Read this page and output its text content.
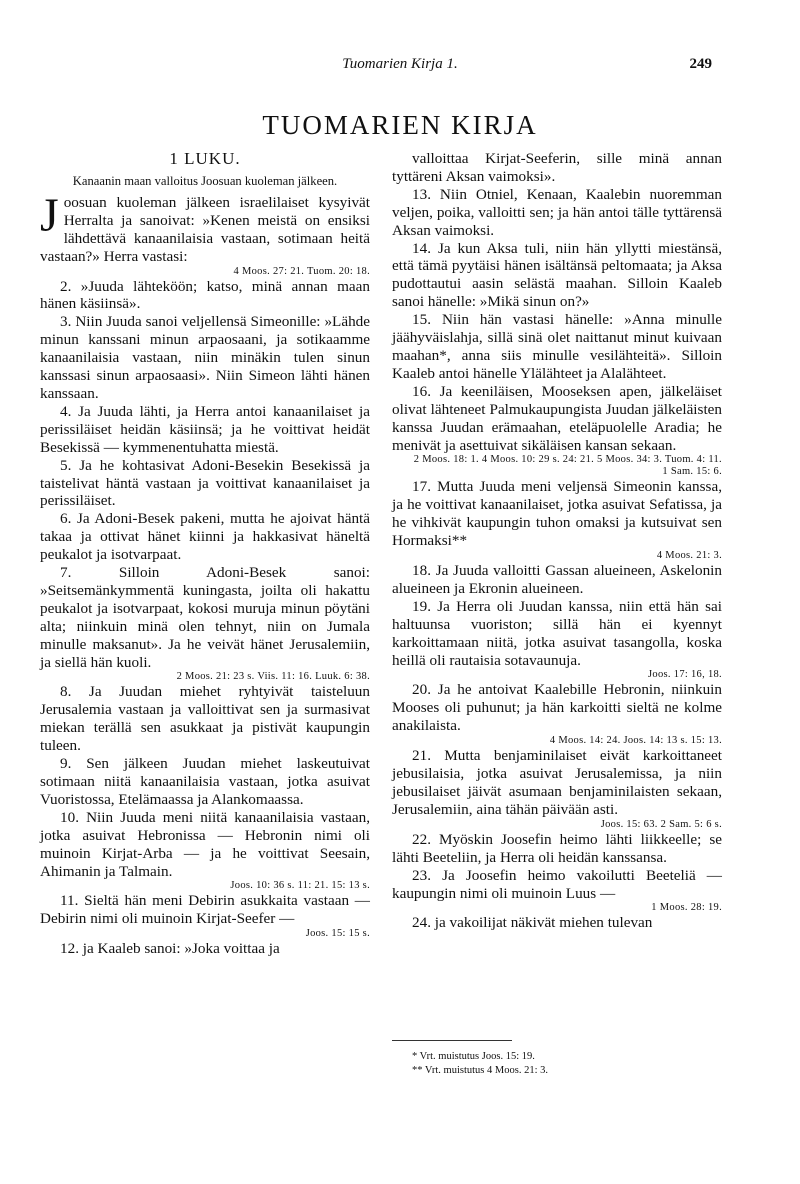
Tuomarien Kirja 1.	249
TUOMARIEN KIRJA
1 LUKU.
Kanaanin maan valloitus Joosuan kuoleman jälkeen.

Joosuan kuoleman jälkeen israelilaiset kysyivät Herralta ja sanoivat: »Kenen meistä on ensiksi lähdettävä kanaanilaisia vastaan, sotimaan heitä vastaan?» Herra vastasi:
4 Moos. 27: 21. Tuom. 20: 18.

2. »Juuda lähteköön; katso, minä annan maan hänen käsiinsä».

3. Niin Juuda sanoi veljellensä Simeonille: »Lähde minun kanssani minun arpaosaani, ja sotikaamme kanaanilaisia vastaan, niin minäkin tulen sinun kanssasi sinun arpaosaasi». Niin Simeon lähti hänen kanssaan.

4. Ja Juuda lähti, ja Herra antoi kanaanilaiset ja perissiläiset heidän käsiinsä; ja he voittivat heidät Besekissä — kymmenentuhatta miestä.

5. Ja he kohtasivat Adoni-Besekin Besekissä ja taistelivat häntä vastaan ja voittivat kanaanilaiset ja perissiläiset.

6. Ja Adoni-Besek pakeni, mutta he ajoivat häntä takaa ja ottivat hänet kiinni ja hakkasivat häneltä peukalot ja isotvarpaat.

7. Silloin Adoni-Besek sanoi: »Seitsemänkymmentä kuningasta, joilta oli hakattu peukalot ja isotvarpaat, kokosi muruja minun pöytäni alta; niinkuin minä olen tehnyt, niin on Jumala minulle maksanut». Ja he veivät hänet Jerusalemiin, ja siellä hän kuoli.
2 Moos. 21: 23 s. Viis. 11: 16. Luuk. 6: 38.

8. Ja Juudan miehet ryhtyivät taisteluun Jerusalemia vastaan ja valloittivat sen ja surmasivat miekan terällä sen asukkaat ja pistivät kaupungin tuleen.

9. Sen jälkeen Juudan miehet laskeutuivat sotimaan niitä kanaanilaisia vastaan, jotka asuivat Vuoristossa, Etelämaassa ja Alankomaassa.

10. Niin Juuda meni niitä kanaanilaisia vastaan, jotka asuivat Hebronissa — Hebronin nimi oli muinoin Kirjat-Arba — ja he voittivat Seesain, Ahimanin ja Talmain.
Joos. 10: 36 s. 11: 21. 15: 13 s.

11. Sieltä hän meni Debirin asukkaita vastaan — Debirin nimi oli muinoin Kirjat-Seefer —
Joos. 15: 15 s.

12. ja Kaaleb sanoi: »Joka voittaa ja

valloittaa Kirjat-Seeferin, sille minä annan tyttäreni Aksan vaimoksi».

13. Niin Otniel, Kenaan, Kaalebin nuoremman veljen, poika, valloitti sen; ja hän antoi tälle tyttärensä Aksan vaimoksi.

14. Ja kun Aksa tuli, niin hän yllytti miestänsä, että tämä pyytäisi hänen isältänsä peltomaata; ja Aksa pudottautui aasin selästä maahan. Silloin Kaaleb sanoi hänelle: »Mikä sinun on?»

15. Niin hän vastasi hänelle: »Anna minulle jäähyväislahja, sillä sinä olet naittanut minut kuivaan maahan*, anna siis minulle vesilähteitä». Silloin Kaaleb antoi hänelle Ylälähteet ja Alalähteet.

16. Ja keeniläisen, Mooseksen apen, jälkeläiset olivat lähteneet Palmukaupungista Juudan jälkeläisten kanssa Juudan erämaahan, eteläpuolelle Aradia; he menivät ja asettuivat sikäläisen kansan sekaan.
2 Moos. 18: 1. 4 Moos. 10: 29 s. 24: 21. 5 Moos. 34: 3. Tuom. 4: 11. 1 Sam. 15: 6.

17. Mutta Juuda meni veljensä Simeonin kanssa, ja he voittivat kanaanilaiset, jotka asuivat Sefatissa, ja he vihkivät kaupungin tuhon omaksi ja kutsuivat sen Hormaksi**
4 Moos. 21: 3.

18. Ja Juuda valloitti Gassan alueineen, Askelonin alueineen ja Ekronin alueineen.

19. Ja Herra oli Juudan kanssa, niin että hän sai haltuunsa vuoriston; sillä hän ei kyennyt karkoittamaan niitä, jotka asuivat tasangolla, koska heillä oli rautaisia sotavaunuja.
Joos. 17: 16, 18.

20. Ja he antoivat Kaalebille Hebronin, niinkuin Mooses oli puhunut; ja hän karkoitti sieltä ne kolme anakilaista.
4 Moos. 14: 24. Joos. 14: 13 s. 15: 13.

21. Mutta benjaminilaiset eivät karkoittaneet jebusilaisia, jotka asuivat Jerusalemissa, ja niin jebusilaiset jäivät asumaan benjaminilaisten sekaan, Jerusalemiin, aina tähän päivään asti.
Joos. 15: 63. 2 Sam. 5: 6 s.

22. Myöskin Joosefin heimo lähti liikkeelle; se lähti Beeteliin, ja Herra oli heidän kanssansa.

23. Ja Joosefin heimo vakoilutti Beeteliä — kaupungin nimi oli muinoin Luus —
1 Moos. 28: 19.

24. ja vakoilijat näkivät miehen tulevan

* Vrt. muistutus Joos. 15: 19.
** Vrt. muistutus 4 Moos. 21: 3.
